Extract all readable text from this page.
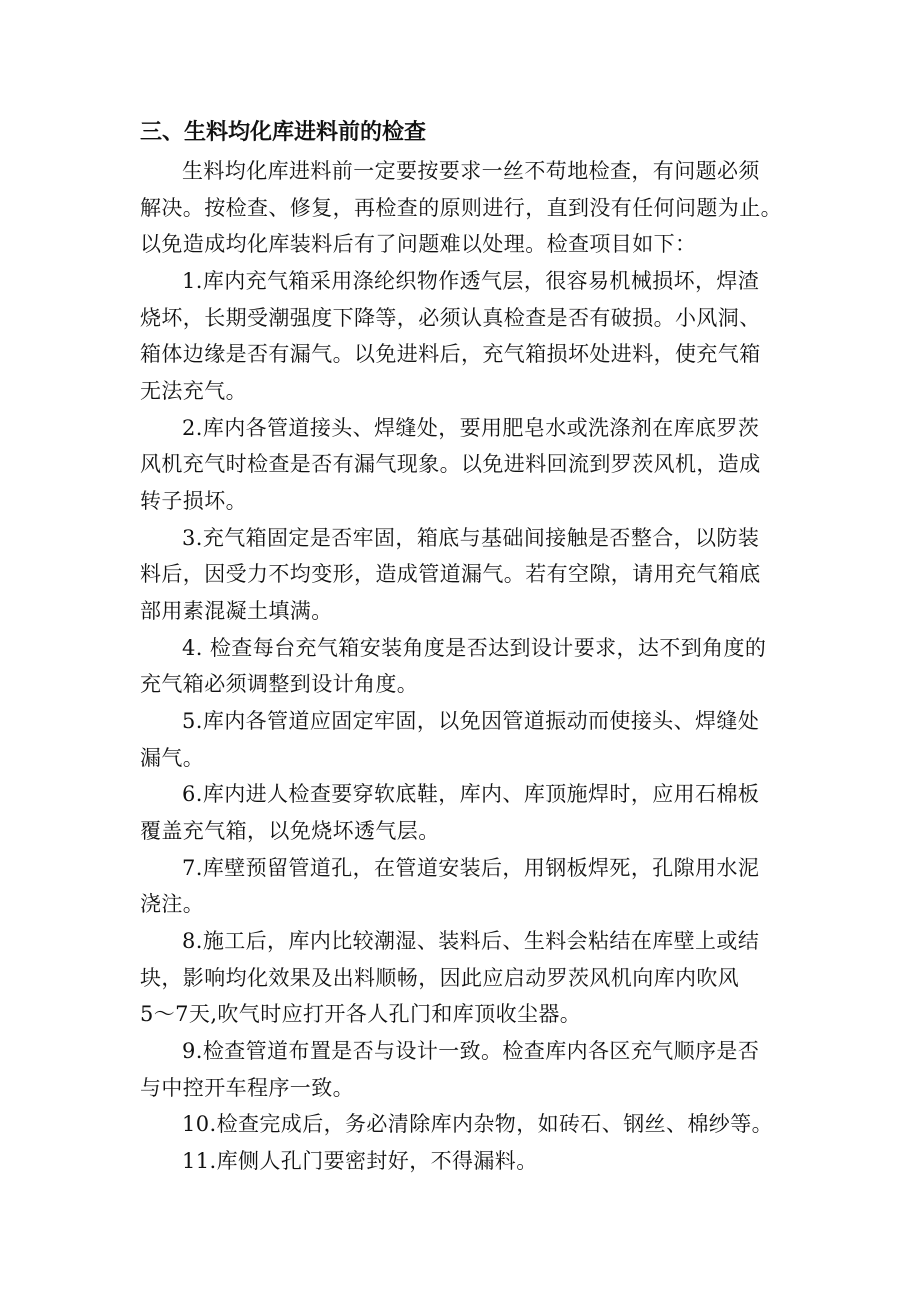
三、生料均化库进料前的检查
生料均化库进料前一定要按要求一丝不苟地检查，有问题必须
解决。按检查、修复，再检查的原则进行，直到没有任何问题为止。
以免造成均化库装料后有了问题难以处理。检查项目如下：
1.库内充气箱采用涤纶织物作透气层，很容易机械损坏，焊渣
烧坏，长期受潮强度下降等，必须认真检查是否有破损。小风洞、
箱体边缘是否有漏气。以免进料后，充气箱损坏处进料，使充气箱
无法充气。
2.库内各管道接头、焊缝处，要用肥皂水或洗涤剂在库底罗茨
风机充气时检查是否有漏气现象。以免进料回流到罗茨风机，造成
转子损坏。
3.充气箱固定是否牢固，箱底与基础间接触是否整合，以防装
料后，因受力不均变形，造成管道漏气。若有空隙，请用充气箱底
部用素混凝土填满。
4. 检查每台充气箱安装角度是否达到设计要求，达不到角度的
充气箱必须调整到设计角度。
5.库内各管道应固定牢固，以免因管道振动而使接头、焊缝处
漏气。
6.库内进人检查要穿软底鞋，库内、库顶施焊时，应用石棉板
覆盖充气箱，以免烧坏透气层。
7.库壁预留管道孔，在管道安装后，用钢板焊死，孔隙用水泥
浇注。
8.施工后，库内比较潮湿、装料后、生料会粘结在库壁上或结
块，影响均化效果及出料顺畅，因此应启动罗茨风机向库内吹风
5～7天,吹气时应打开各人孔门和库顶收尘器。
9.检查管道布置是否与设计一致。检查库内各区充气顺序是否
与中控开车程序一致。
10.检查完成后，务必清除库内杂物，如砖石、钢丝、棉纱等。
11.库侧人孔门要密封好，不得漏料。
